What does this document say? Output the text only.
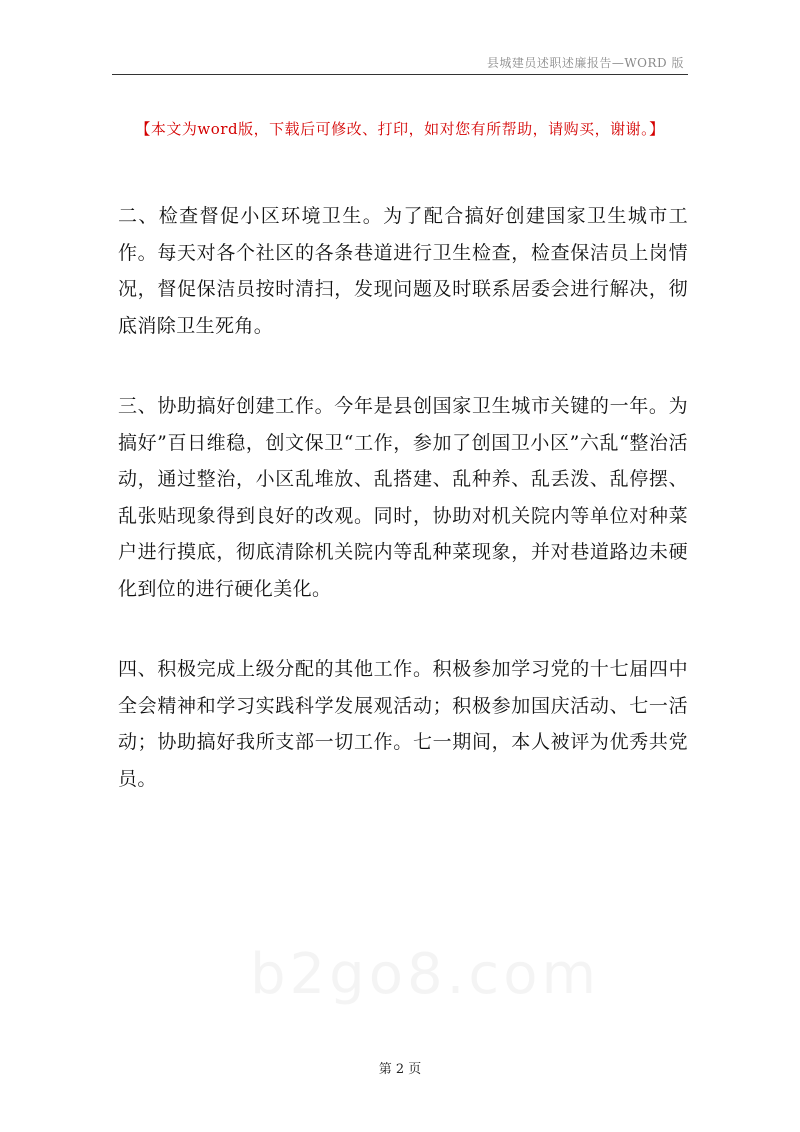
县城建员述职述廉报告—WORD 版
【本文为word版，下载后可修改、打印，如对您有所帮助，请购买，谢谢。】

二、检查督促小区环境卫生。为了配合搞好创建国家卫生城市工作。每天对各个社区的各条巷道进行卫生检查，检查保洁员上岗情况，督促保洁员按时清扫，发现问题及时联系居委会进行解决，彻底消除卫生死角。

三、协助搞好创建工作。今年是县创国家卫生城市关键的一年。为搞好”百日维稳，创文保卫“工作，参加了创国卫小区”六乱“整治活动，通过整治，小区乱堆放、乱搭建、乱种养、乱丢泼、乱停摆、乱张贴现象得到良好的改观。同时，协助对机关院内等单位对种菜户进行摸底，彻底清除机关院内等乱种菜现象，并对巷道路边未硬化到位的进行硬化美化。

四、积极完成上级分配的其他工作。积极参加学习党的十七届四中全会精神和学习实践科学发展观活动；积极参加国庆活动、七一活动；协助搞好我所支部一切工作。七一期间，本人被评为优秀共党员。

第 2 页
